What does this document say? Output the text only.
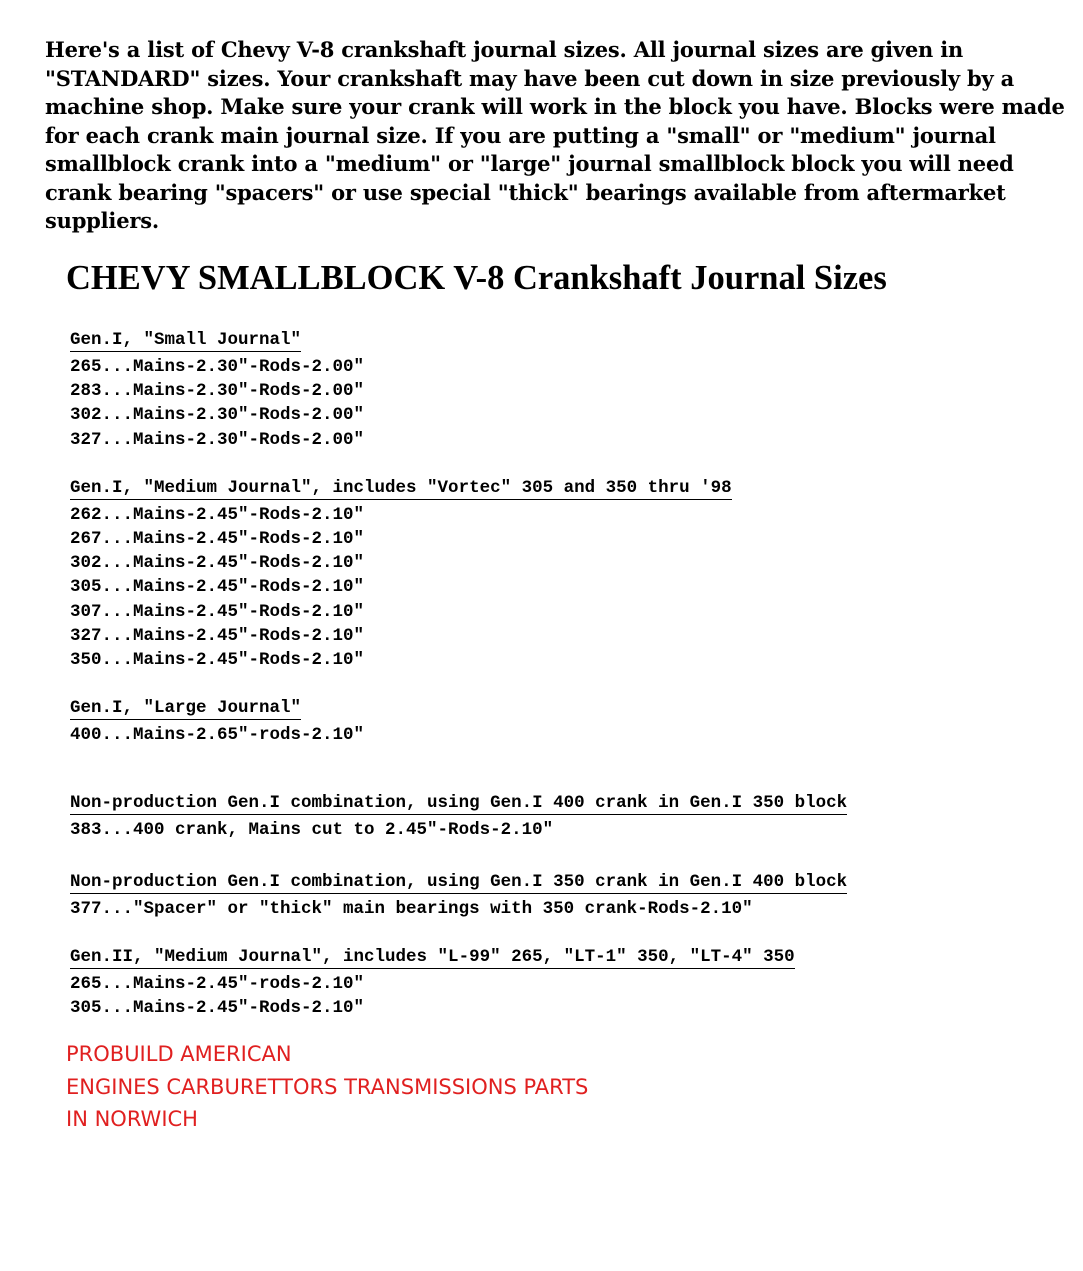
Here's a list of Chevy V-8 crankshaft journal sizes. All journal sizes are given in "STANDARD" sizes. Your crankshaft may have been cut down in size previously by a machine shop. Make sure your crank will work in the block you have. Blocks were made for each crank main journal size. If you are putting a "small" or "medium" journal smallblock crank into a "medium" or "large" journal smallblock block you will need crank bearing "spacers" or use special "thick" bearings available from aftermarket suppliers.

CHEVY SMALLBLOCK V-8 Crankshaft Journal Sizes
Gen.I, "Small Journal"
265...Mains-2.30"-Rods-2.00"
283...Mains-2.30"-Rods-2.00"
302...Mains-2.30"-Rods-2.00"
327...Mains-2.30"-Rods-2.00"
Gen.I, "Medium Journal", includes "Vortec" 305 and 350 thru '98
262...Mains-2.45"-Rods-2.10"
267...Mains-2.45"-Rods-2.10"
302...Mains-2.45"-Rods-2.10"
305...Mains-2.45"-Rods-2.10"
307...Mains-2.45"-Rods-2.10"
327...Mains-2.45"-Rods-2.10"
350...Mains-2.45"-Rods-2.10"
Gen.I, "Large Journal"
400...Mains-2.65"-rods-2.10"
Non-production Gen.I combination, using Gen.I 400 crank in Gen.I 350 block
383...400 crank, Mains cut to 2.45"-Rods-2.10"
Non-production Gen.I combination, using Gen.I 350 crank in Gen.I 400 block
377..."Spacer" or "thick" main bearings with 350 crank-Rods-2.10"
Gen.II, "Medium Journal", includes "L-99" 265, "LT-1" 350, "LT-4" 350
265...Mains-2.45"-rods-2.10"
305...Mains-2.45"-Rods-2.10"
PROBUILD AMERICAN
ENGINES CARBURETTORS TRANSMISSIONS PARTS
IN NORWICH
